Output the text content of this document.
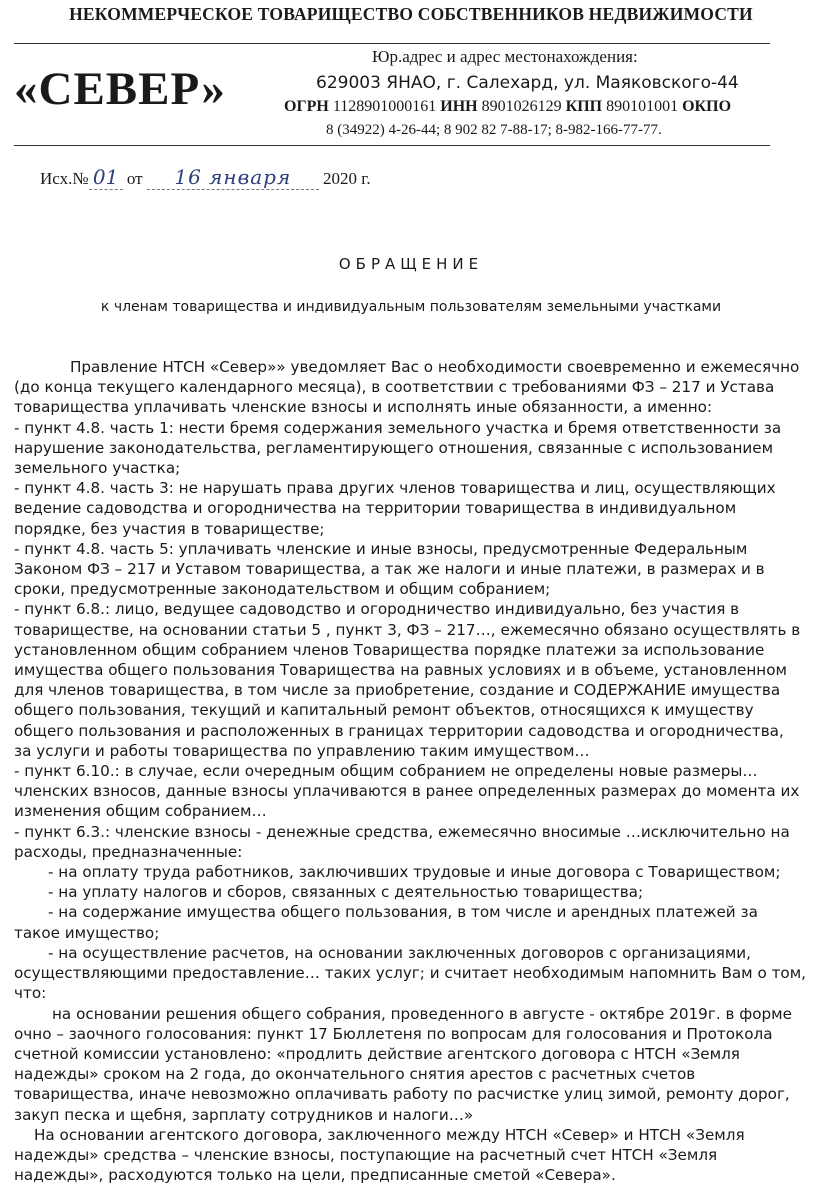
НЕКОММЕРЧЕСКОЕ ТОВАРИЩЕСТВО СОБСТВЕННИКОВ НЕДВИЖИМОСТИ
«СЕВЕР»
Юр.адрес и адрес местонахождения:
629003 ЯНАО, г. Салехард, ул. Маяковского-44
ОГРН 1128901000161 ИНН 8901026129 КПП 890101001 ОКПО
8 (34922) 4-26-44; 8 902 82 7-88-17; 8-982-166-77-77.
Исх.№ 01 от 16 января 2020 г.
ОБРАЩЕНИЕ
к членам товарищества и индивидуальным пользователям земельными участками

Правление НТСН «Север»» уведомляет Вас о необходимости своевременно и ежемесячно (до конца текущего календарного месяца), в соответствии с требованиями ФЗ – 217 и Устава товарищества уплачивать членские взносы и исполнять иные обязанности, а именно:

- пункт 4.8. часть 1: нести бремя содержания земельного участка и бремя ответственности за нарушение законодательства, регламентирующего отношения, связанные с использованием земельного участка;

- пункт 4.8. часть 3: не нарушать права других членов товарищества и лиц, осуществляющих ведение садоводства и огородничества на территории товарищества в индивидуальном порядке, без участия в товариществе;

- пункт 4.8. часть 5: уплачивать членские и иные взносы, предусмотренные Федеральным Законом ФЗ – 217 и Уставом товарищества, а так же налоги и иные платежи, в размерах и в сроки, предусмотренные законодательством и общим собранием;

- пункт 6.8.: лицо, ведущее садоводство и огородничество индивидуально, без участия в товариществе, на основании статьи 5 , пункт 3, ФЗ – 217…, ежемесячно обязано осуществлять в установленном общим собранием членов Товарищества порядке платежи за использование имущества общего пользования Товарищества на равных условиях и в объеме, установленном для членов товарищества, в том числе за приобретение, создание и СОДЕРЖАНИЕ имущества общего пользования, текущий и капитальный ремонт объектов, относящихся к имуществу общего пользования и расположенных в границах территории садоводства и огородничества, за услуги и работы товарищества по управлению таким имуществом…

- пункт 6.10.: в случае, если очередным общим собранием не определены новые размеры… членских взносов, данные взносы уплачиваются в ранее определенных размерах до момента их изменения общим собранием…

- пункт 6.3.: членские взносы - денежные средства, ежемесячно вносимые …исключительно на расходы, предназначенные:

- на оплату труда работников, заключивших трудовые и иные договора с Товариществом;

- на уплату налогов и сборов, связанных с деятельностью товарищества;

- на содержание имущества общего пользования, в том числе и арендных платежей за такое имущество;

- на осуществление расчетов, на основании заключенных договоров с организациями, осуществляющими предоставление… таких услуг; и считает необходимым напомнить Вам о том, что:

на основании решения общего собрания, проведенного в августе - октябре 2019г. в форме очно – заочного голосования: пункт 17 Бюллетеня по вопросам для голосования и Протокола счетной комиссии установлено: «продлить действие агентского договора с НТСН «Земля надежды» сроком на 2 года, до окончательного снятия арестов с расчетных счетов товарищества, иначе невозможно оплачивать работу по расчистке улиц зимой, ремонту дорог, закуп песка и щебня, зарплату сотрудников и налоги…»

На основании агентского договора, заключенного между НТСН «Север» и НТСН «Земля надежды» средства – членские взносы, поступающие на расчетный счет НТСН «Земля надежды», расходуются только на цели, предписанные сметой «Севера».
